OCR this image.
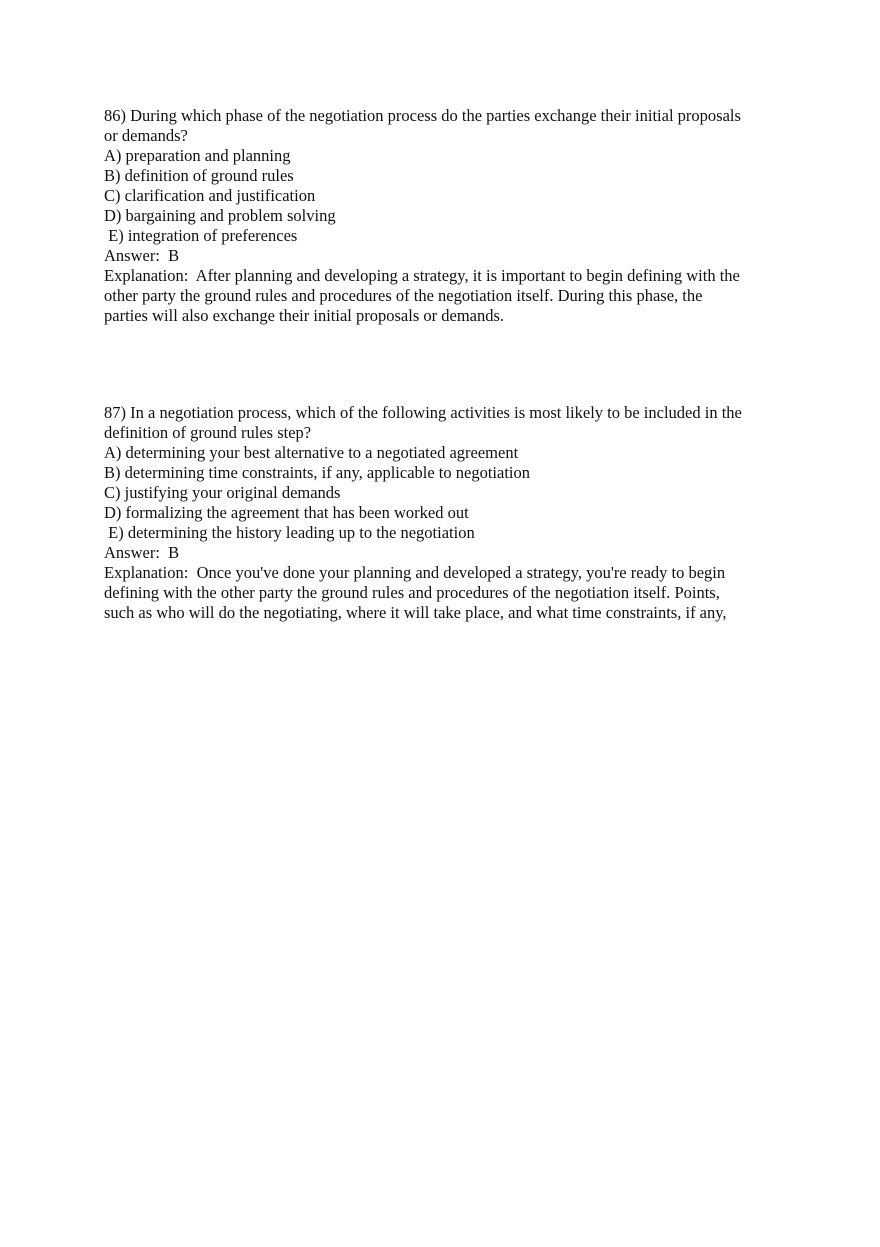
86) During which phase of the negotiation process do the parties exchange their initial proposals
or demands?
A) preparation and planning
B) definition of ground rules
C) clarification and justification
D) bargaining and problem solving
E) integration of preferences
Answer:  B
Explanation:  After planning and developing a strategy, it is important to begin defining with the
other party the ground rules and procedures of the negotiation itself. During this phase, the
parties will also exchange their initial proposals or demands.
87) In a negotiation process, which of the following activities is most likely to be included in the
definition of ground rules step?
A) determining your best alternative to a negotiated agreement
B) determining time constraints, if any, applicable to negotiation
C) justifying your original demands
D) formalizing the agreement that has been worked out
E) determining the history leading up to the negotiation
Answer:  B
Explanation:  Once you've done your planning and developed a strategy, you're ready to begin
defining with the other party the ground rules and procedures of the negotiation itself. Points,
such as who will do the negotiating, where it will take place, and what time constraints, if any,
